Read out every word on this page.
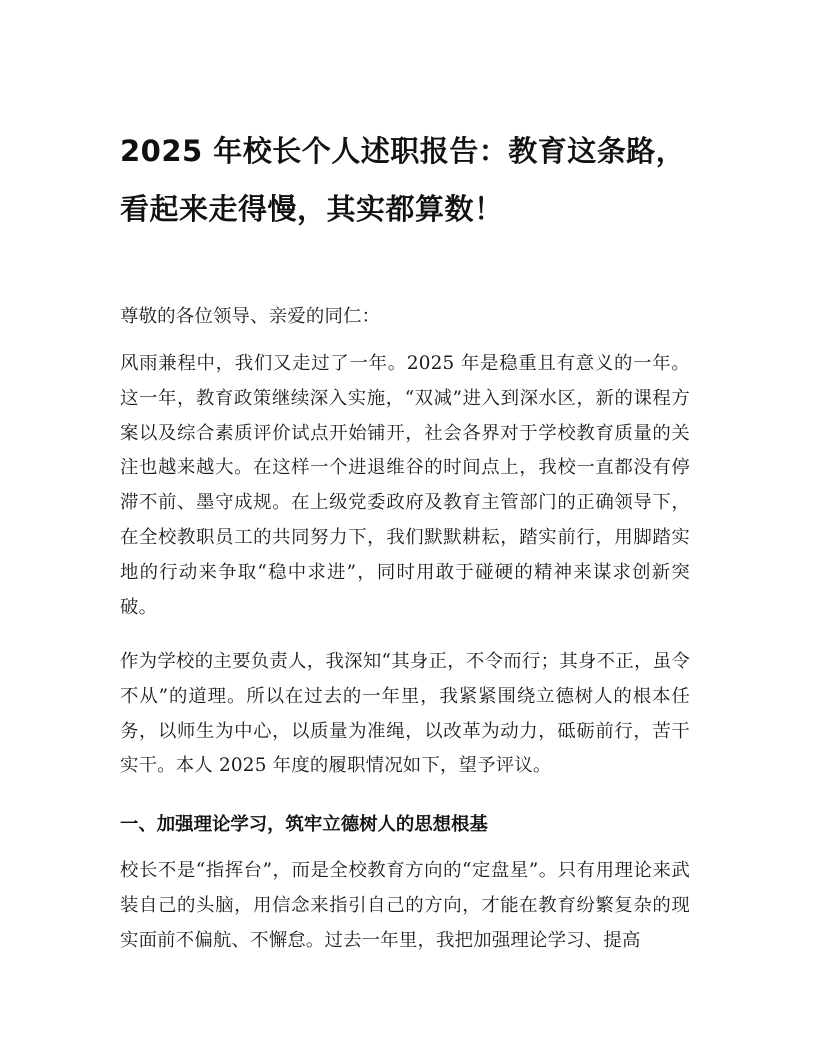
2025 年校长个人述职报告：教育这条路，看起来走得慢，其实都算数！

尊敬的各位领导、亲爱的同仁：

风雨兼程中，我们又走过了一年。2025 年是稳重且有意义的一年。这一年，教育政策继续深入实施，“双减”进入到深水区，新的课程方案以及综合素质评价试点开始铺开，社会各界对于学校教育质量的关注也越来越大。在这样一个进退维谷的时间点上，我校一直都没有停滞不前、墨守成规。在上级党委政府及教育主管部门的正确领导下，在全校教职员工的共同努力下，我们默默耕耘，踏实前行，用脚踏实地的行动来争取“稳中求进”，同时用敢于碰硬的精神来谋求创新突破。

作为学校的主要负责人，我深知“其身正，不令而行；其身不正，虽令不从”的道理。所以在过去的一年里，我紧紧围绕立德树人的根本任务，以师生为中心，以质量为准绳，以改革为动力，砥砺前行，苦干实干。本人 2025 年度的履职情况如下，望予评议。

一、加强理论学习，筑牢立德树人的思想根基

校长不是“指挥台”，而是全校教育方向的“定盘星”。只有用理论来武装自己的头脑，用信念来指引自己的方向，才能在教育纷繁复杂的现实面前不偏航、不懈怠。过去一年里，我把加强理论学习、提高
